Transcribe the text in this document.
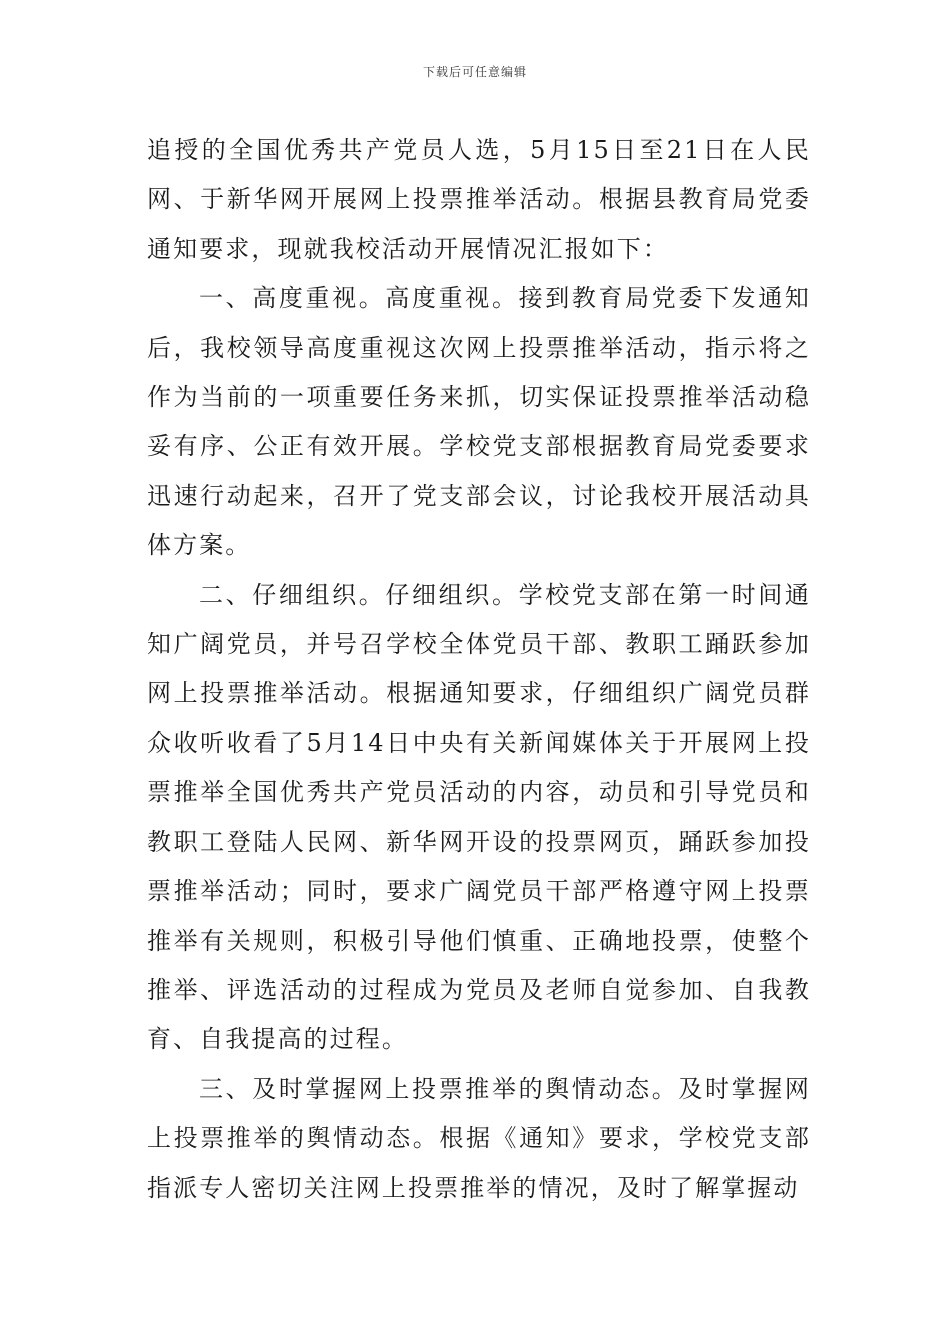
下载后可任意编辑

追授的全国优秀共产党员人选，5月15日至21日在人民网、于新华网开展网上投票推举活动。根据县教育局党委通知要求，现就我校活动开展情况汇报如下：

一、高度重视。高度重视。接到教育局党委下发通知后，我校领导高度重视这次网上投票推举活动，指示将之作为当前的一项重要任务来抓，切实保证投票推举活动稳妥有序、公正有效开展。学校党支部根据教育局党委要求迅速行动起来，召开了党支部会议，讨论我校开展活动具体方案。

二、仔细组织。仔细组织。学校党支部在第一时间通知广阔党员，并号召学校全体党员干部、教职工踊跃参加网上投票推举活动。根据通知要求，仔细组织广阔党员群众收听收看了5月14日中央有关新闻媒体关于开展网上投票推举全国优秀共产党员活动的内容，动员和引导党员和教职工登陆人民网、新华网开设的投票网页，踊跃参加投票推举活动；同时，要求广阔党员干部严格遵守网上投票推举有关规则，积极引导他们慎重、正确地投票，使整个推举、评选活动的过程成为党员及老师自觉参加、自我教育、自我提高的过程。

三、及时掌握网上投票推举的舆情动态。及时掌握网上投票推举的舆情动态。根据《通知》要求，学校党支部指派专人密切关注网上投票推举的情况，及时了解掌握动
